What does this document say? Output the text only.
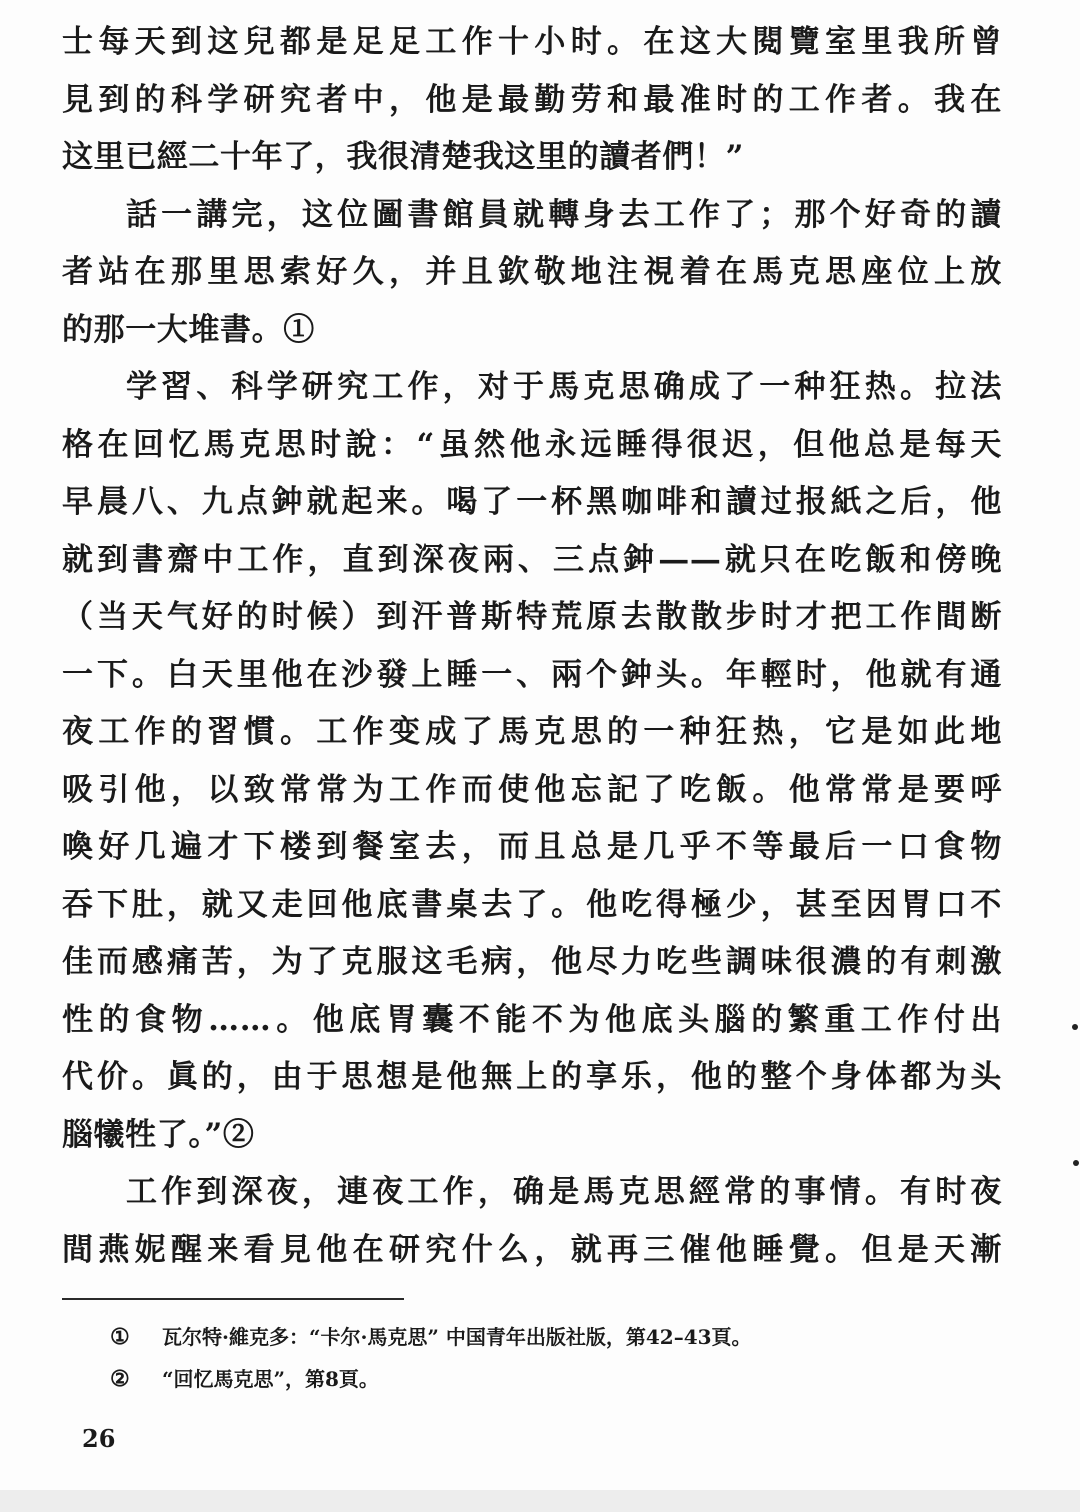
士每天到这兒都是足足工作十小时。在这大閱覽室里我所曾
見到的科学研究者中，他是最勤劳和最准时的工作者。我在
这里已經二十年了，我很清楚我这里的讀者們！”
話一講完，这位圖書館員就轉身去工作了；那个好奇的讀
者站在那里思索好久，并且欽敬地注視着在馬克思座位上放
的那一大堆書。①
学習、科学研究工作，对于馬克思确成了一种狂热。拉法
格在回忆馬克思时說：“虽然他永远睡得很迟，但他总是每天
早晨八、九点鈡就起来。喝了一杯黑咖啡和讀过报紙之后，他
就到書齋中工作，直到深夜兩、三点鈡——就只在吃飯和傍晚
（当天气好的时候）到汗普斯特荒原去散散步时才把工作間断
一下。白天里他在沙發上睡一、兩个鈡头。年輕时，他就有通
夜工作的習慣。工作变成了馬克思的一种狂热，它是如此地
吸引他，以致常常为工作而使他忘記了吃飯。他常常是要呼
喚好几遍才下楼到餐室去，而且总是几乎不等最后一口食物
吞下肚，就又走回他底書桌去了。他吃得極少，甚至因胃口不
佳而感痛苦，为了克服这毛病，他尽力吃些調味很濃的有刺激
性的食物……。他底胃囊不能不为他底头腦的繁重工作付出
代价。眞的，由于思想是他無上的享乐，他的整个身体都为头
腦犧牲了。”②
工作到深夜，連夜工作，确是馬克思經常的事情。有时夜
間燕妮醒来看見他在研究什么，就再三催他睡覺。但是天漸
① 瓦尔特·維克多：“卡尔·馬克思” 中国青年出版社版，第42–43頁。
② “回忆馬克思”，第8頁。
26
